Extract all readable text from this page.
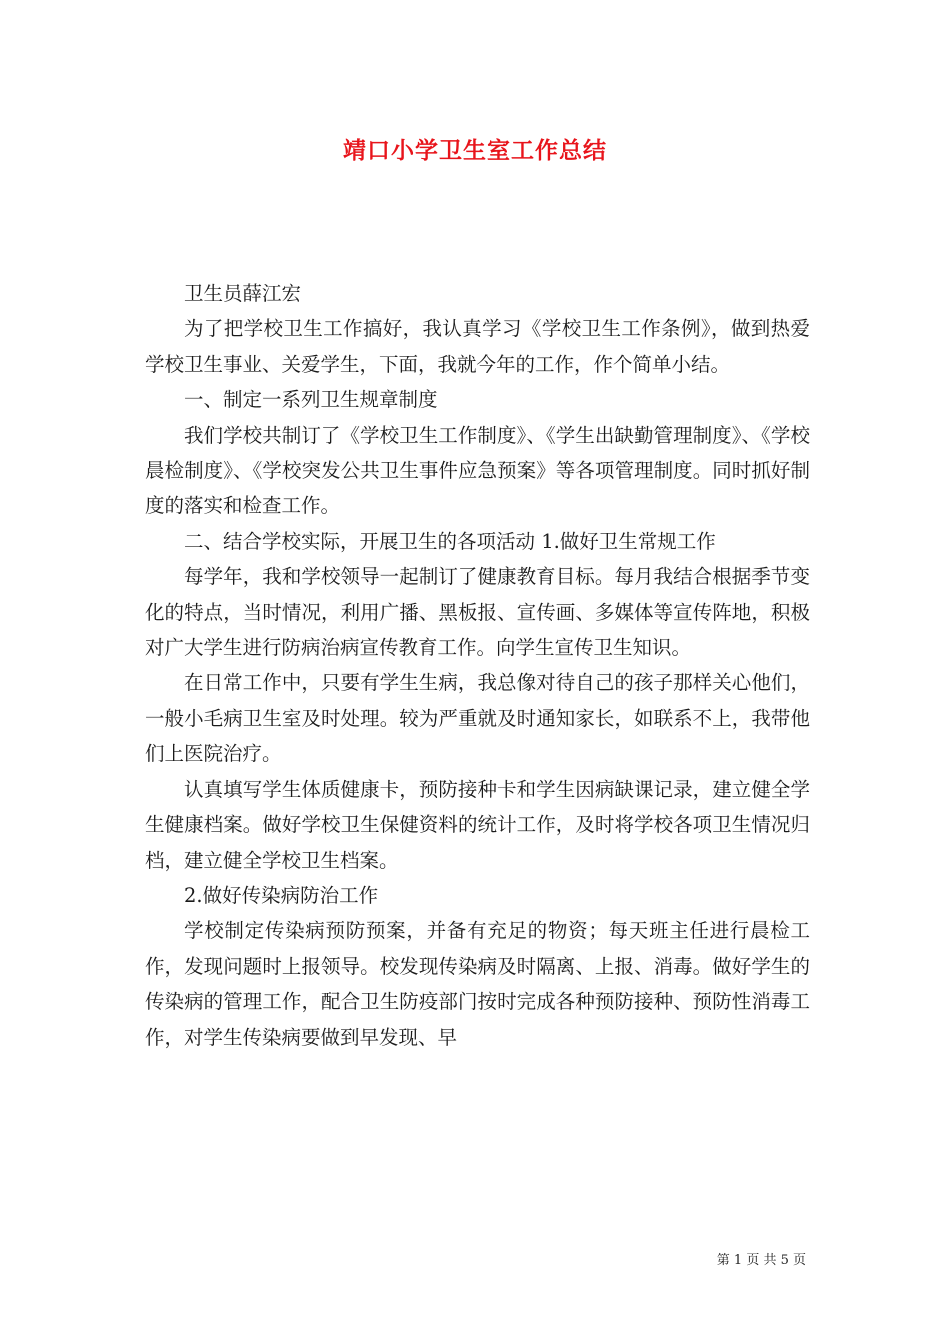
靖口小学卫生室工作总结

卫生员薛江宏

为了把学校卫生工作搞好，我认真学习《学校卫生工作条例》，做到热爱学校卫生事业、关爱学生，下面，我就今年的工作，作个简单小结。

一、制定一系列卫生规章制度

我们学校共制订了《学校卫生工作制度》、《学生出缺勤管理制度》、《学校晨检制度》、《学校突发公共卫生事件应急预案》等各项管理制度。同时抓好制度的落实和检查工作。

二、结合学校实际，开展卫生的各项活动 1.做好卫生常规工作

每学年，我和学校领导一起制订了健康教育目标。每月我结合根据季节变化的特点，当时情况，利用广播、黑板报、宣传画、多媒体等宣传阵地，积极对广大学生进行防病治病宣传教育工作。向学生宣传卫生知识。

在日常工作中，只要有学生生病，我总像对待自己的孩子那样关心他们，一般小毛病卫生室及时处理。较为严重就及时通知家长，如联系不上，我带他们上医院治疗。

认真填写学生体质健康卡，预防接种卡和学生因病缺课记录，建立健全学生健康档案。做好学校卫生保健资料的统计工作，及时将学校各项卫生情况归档，建立健全学校卫生档案。

2.做好传染病防治工作

学校制定传染病预防预案，并备有充足的物资；每天班主任进行晨检工作，发现问题时上报领导。校发现传染病及时隔离、上报、消毒。做好学生的传染病的管理工作，配合卫生防疫部门按时完成各种预防接种、预防性消毒工作，对学生传染病要做到早发现、早

第 1 页 共 5 页
